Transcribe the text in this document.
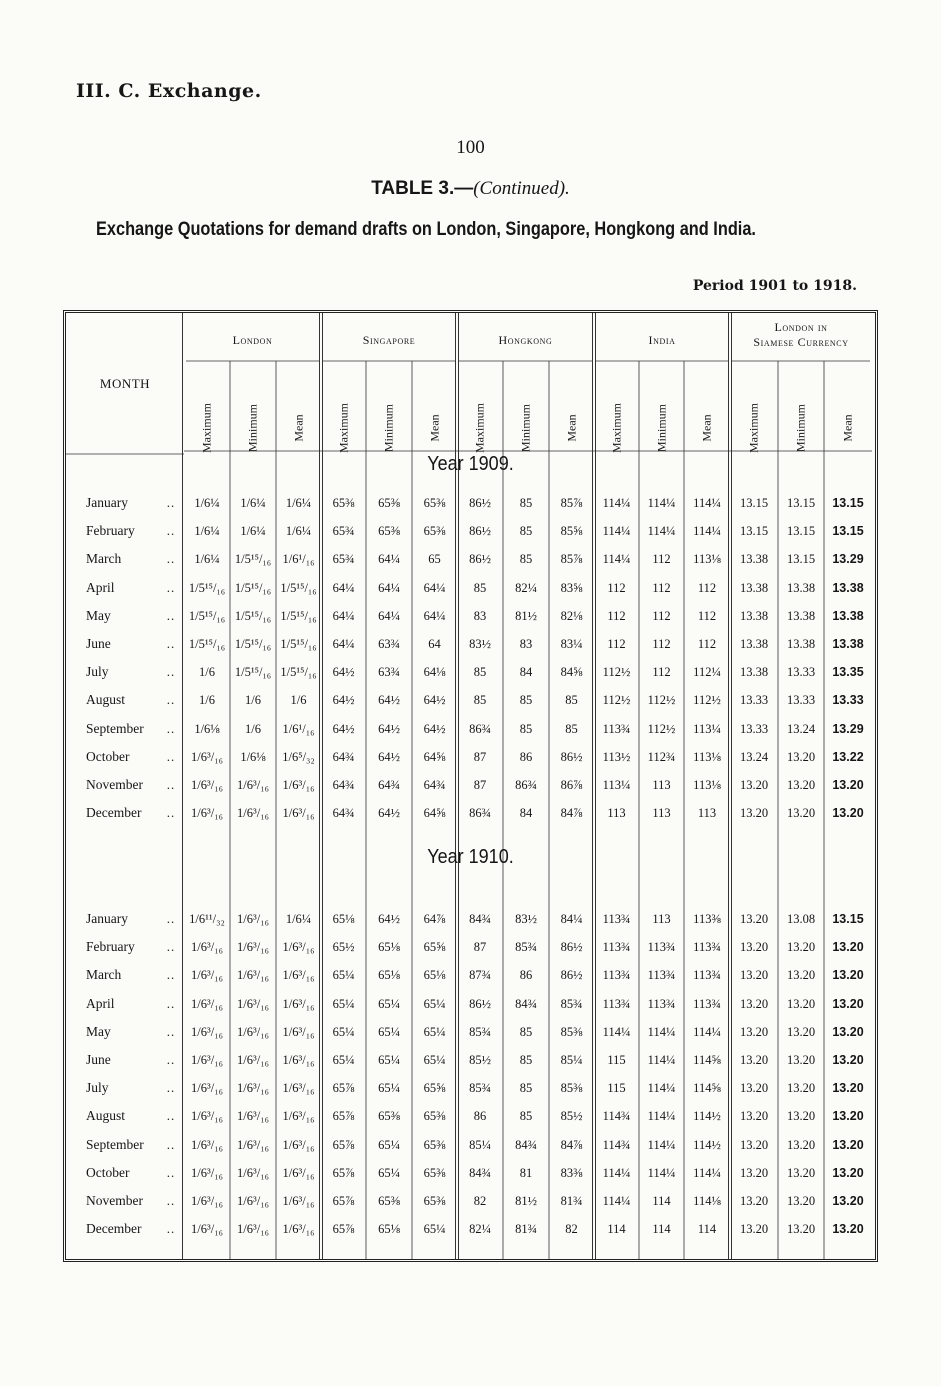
III. C. Exchange.
100
TABLE 3.—(Continued).
Exchange Quotations for demand drafts on London, Singapore, Hongkong and India.
Period 1901 to 1918.
MONTH
London	Singapore	Hongkong	India
London in
Siamese Currency
Maximum	Minimum	Mean	Maximum	Minimum	Mean	Maximum	Minimum	Mean	Maximum	Minimum	Mean	Maximum	Minimum	Mean
Year 1909.
January	..	1/6¼	1/6¼	1/6¼	65⅜	65⅜	65⅜	86½	85	85⅞	114¼	114¼	114¼	13.15	13.15	13.15
February	..	1/6¼	1/6¼	1/6¼	65¾	65⅜	65⅜	86½	85	85⅝	114¼	114¼	114¼	13.15	13.15	13.15
March	..	1/6¼	1/5¹⁵/₁₆ 1/6¹/₁₆	65¾	64¼	65	86½	85	85⅞	114¼	112	113⅛	13.38	13.15	13.29
April	..	1/5¹⁵/₁₆ 1/5¹⁵/₁₆ 1/5¹⁵/₁₆	64¼	64¼	64¼	85	82¼	83⅝	112	112	112	13.38	13.38	13.38
May	..	1/5¹⁵/₁₆ 1/5¹⁵/₁₆ 1/5¹⁵/₁₆	64¼	64¼	64¼	83	81½	82⅛	112	112	112	13.38	13.38	13.38
June	..	1/5¹⁵/₁₆ 1/5¹⁵/₁₆ 1/5¹⁵/₁₆	64¼	63¾	64	83½	83	83¼	112	112	112	13.38	13.38	13.38
July	..	1/6	1/5¹⁵/₁₆ 1/5¹⁵/₁₆	64½	63¾	64⅛	85	84	84⅝	112½	112	112¼	13.38	13.33	13.35
August	..	1/6	1/6	1/6	64½	64½	64½	85	85	85	112½	112½	112½	13.33	13.33	13.33
September	..	1/6⅛	1/6	1/6¹/₁₆	64½	64½	64½	86¾	85	85	113¾	112½	113¼	13.33	13.24	13.29
October	..	1/6³/₁₆	1/6⅛	1/6⁵/₃₂	64¾	64½	64⅝	87	86	86½	113½	112¾	113⅛	13.24	13.20	13.22
November	..	1/6³/₁₆	1/6³/₁₆	1/6³/₁₆	64¾	64¾	64¾	87	86¾	86⅞	113¼	113	113⅛	13.20	13.20	13.20
December	..	1/6³/₁₆	1/6³/₁₆	1/6³/₁₆	64¾	64½	64⅝	86¾	84	84⅞	113	113	113	13.20	13.20	13.20
Year 1910.
January	..	1/6¹¹/₃₂ 1/6³/₁₆	1/6¼	65⅛	64½	64⅞	84¾	83½	84¼	113¾	113	113⅜	13.20	13.08	13.15
February	..	1/6³/₁₆	1/6³/₁₆	1/6³/₁₆	65½	65⅛	65⅝	87	85¾	86½	113¾	113¾	113¾	13.20	13.20	13.20
March	..	1/6³/₁₆	1/6³/₁₆	1/6³/₁₆	65¼	65⅛	65⅛	87¾	86	86½	113¾	113¾	113¾	13.20	13.20	13.20
April	..	1/6³/₁₆	1/6³/₁₆	1/6³/₁₆	65¼	65¼	65¼	86½	84¾	85¾	113¾	113¾	113¾	13.20	13.20	13.20
May	..	1/6³/₁₆	1/6³/₁₆	1/6³/₁₆	65¼	65¼	65¼	85¾	85	85⅜	114¼	114¼	114¼	13.20	13.20	13.20
June	..	1/6³/₁₆	1/6³/₁₆	1/6³/₁₆	65¼	65¼	65¼	85½	85	85¼	115	114¼	114⅝	13.20	13.20	13.20
July	..	1/6³/₁₆	1/6³/₁₆	1/6³/₁₆	65⅞	65¼	65⅝	85¾	85	85⅜	115	114¼	114⅝	13.20	13.20	13.20
August	..	1/6³/₁₆	1/6³/₁₆	1/6³/₁₆	65⅞	65⅜	65⅜	86	85	85½	114¾	114¼	114½	13.20	13.20	13.20
September	..	1/6³/₁₆	1/6³/₁₆	1/6³/₁₆	65⅞	65¼	65⅜	85¼	84¾	84⅞	114¾	114¼	114½	13.20	13.20	13.20
October	..	1/6³/₁₆	1/6³/₁₆	1/6³/₁₆	65⅞	65¼	65⅜	84¾	81	83⅜	114¼	114¼	114¼	13.20	13.20	13.20
November	..	1/6³/₁₆	1/6³/₁₆	1/6³/₁₆	65⅞	65⅜	65⅜	82	81½	81¾	114¼	114	114⅛	13.20	13.20	13.20
December	..	1/6³/₁₆	1/6³/₁₆	1/6³/₁₆	65⅞	65⅛	65¼	82¼	81¾	82	114	114	114	13.20	13.20	13.20
